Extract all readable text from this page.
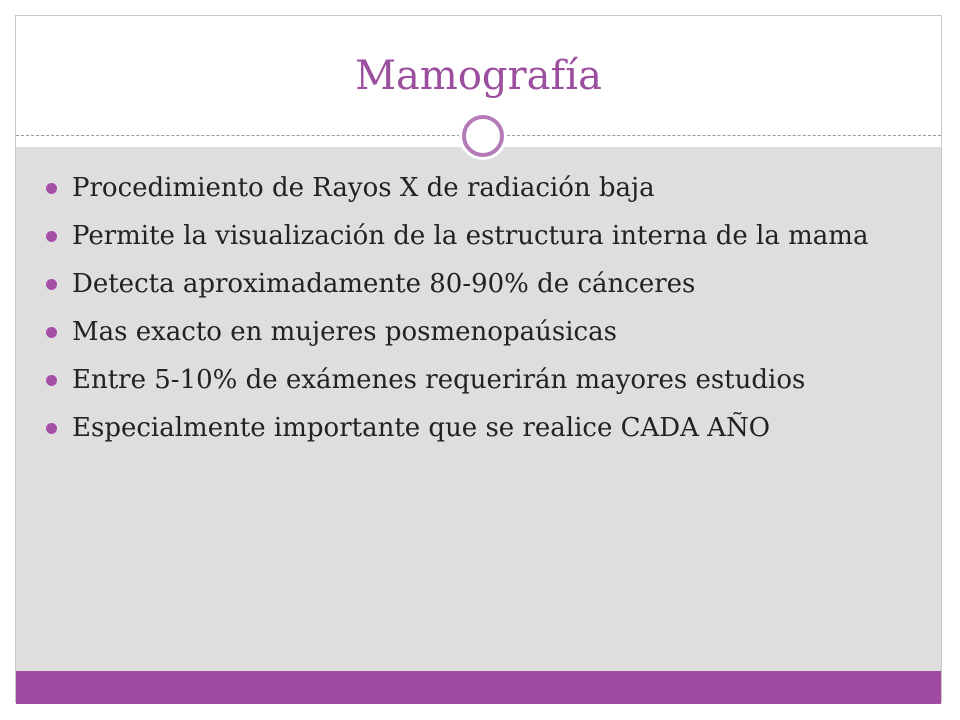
Mamografía
Procedimiento de Rayos X de radiación baja
Permite la visualización de la estructura interna de la mama
Detecta aproximadamente 80-90% de cánceres
Mas exacto en mujeres posmenopaúsicas
Entre 5-10% de exámenes requerirán mayores estudios
Especialmente importante que se realice CADA AÑO
